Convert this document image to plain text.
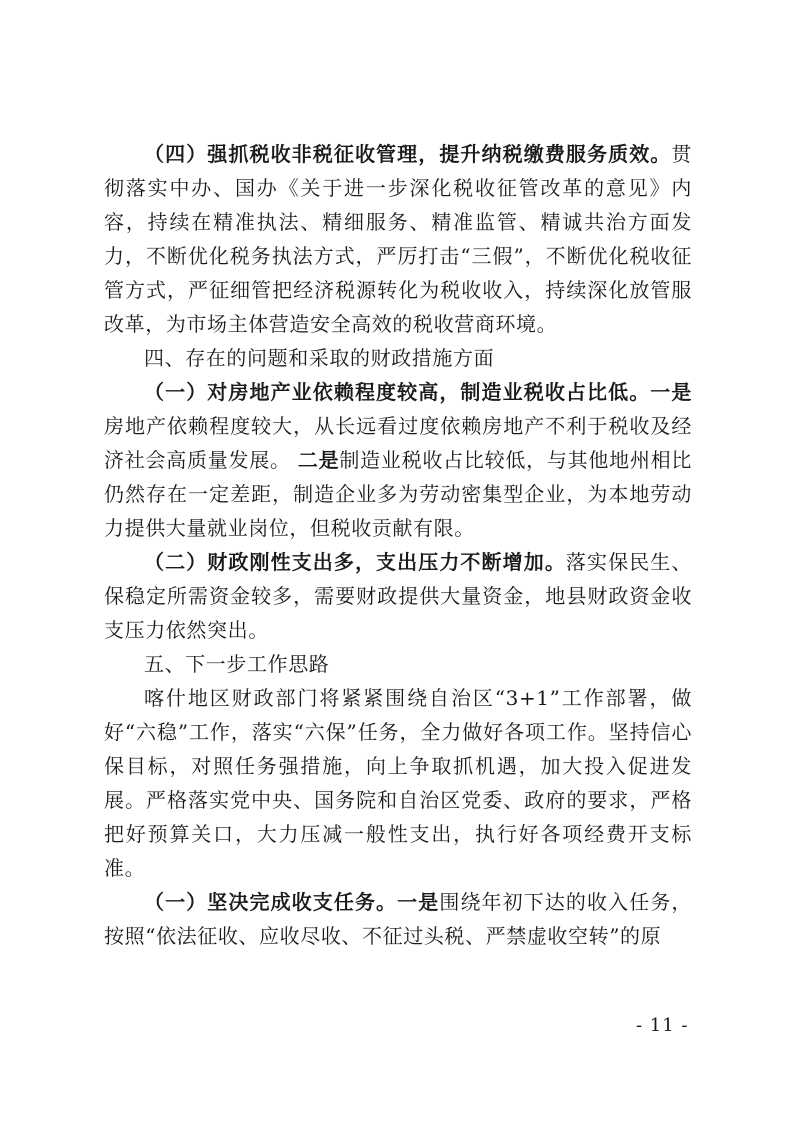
（四）强抓税收非税征收管理，提升纳税缴费服务质效。贯彻落实中办、国办《关于进一步深化税收征管改革的意见》内容，持续在精准执法、精细服务、精准监管、精诚共治方面发力，不断优化税务执法方式，严厉打击“三假”，不断优化税收征管方式，严征细管把经济税源转化为税收收入，持续深化放管服改革，为市场主体营造安全高效的税收营商环境。

四、存在的问题和采取的财政措施方面

（一）对房地产业依赖程度较高，制造业税收占比低。一是房地产依赖程度较大，从长远看过度依赖房地产不利于税收及经济社会高质量发展。 二是制造业税收占比较低，与其他地州相比仍然存在一定差距，制造企业多为劳动密集型企业，为本地劳动力提供大量就业岗位，但税收贡献有限。

（二）财政刚性支出多，支出压力不断增加。落实保民生、保稳定所需资金较多，需要财政提供大量资金，地县财政资金收支压力依然突出。

五、下一步工作思路

喀什地区财政部门将紧紧围绕自治区“3+1”工作部署，做好“六稳”工作，落实“六保”任务，全力做好各项工作。坚持信心保目标，对照任务强措施，向上争取抓机遇，加大投入促进发展。严格落实党中央、国务院和自治区党委、政府的要求，严格把好预算关口，大力压减一般性支出，执行好各项经费开支标准。

（一）坚决完成收支任务。一是围绕年初下达的收入任务，按照“依法征收、应收尽收、不征过头税、严禁虚收空转”的原

- 11 -
